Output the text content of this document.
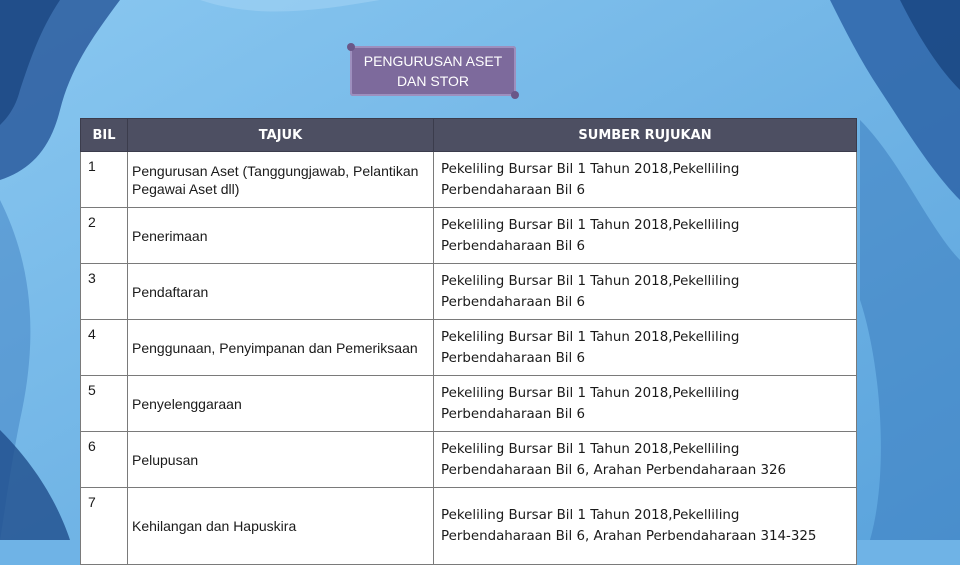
PENGURUSAN ASET
DAN STOR
BIL	TAJUK	SUMBER RUJUKAN
1	Pengurusan Aset (Tanggungjawab, Pelantikan Pegawai Aset dll)	Pekeliling Bursar Bil 1 Tahun 2018,Pekelliling Perbendaharaan Bil 6
2	Penerimaan	Pekeliling Bursar Bil 1 Tahun 2018,Pekelliling Perbendaharaan Bil 6
3	Pendaftaran	Pekeliling Bursar Bil 1 Tahun 2018,Pekelliling Perbendaharaan Bil 6
4	Penggunaan, Penyimpanan dan Pemeriksaan	Pekeliling Bursar Bil 1 Tahun 2018,Pekelliling Perbendaharaan Bil 6
5	Penyelenggaraan	Pekeliling Bursar Bil 1 Tahun 2018,Pekelliling Perbendaharaan Bil 6
6	Pelupusan	Pekeliling Bursar Bil 1 Tahun 2018,Pekelliling Perbendaharaan Bil 6, Arahan Perbendaharaan 326
7	Kehilangan dan Hapuskira	Pekeliling Bursar Bil 1 Tahun 2018,Pekelliling Perbendaharaan Bil 6, Arahan Perbendaharaan 314-325
